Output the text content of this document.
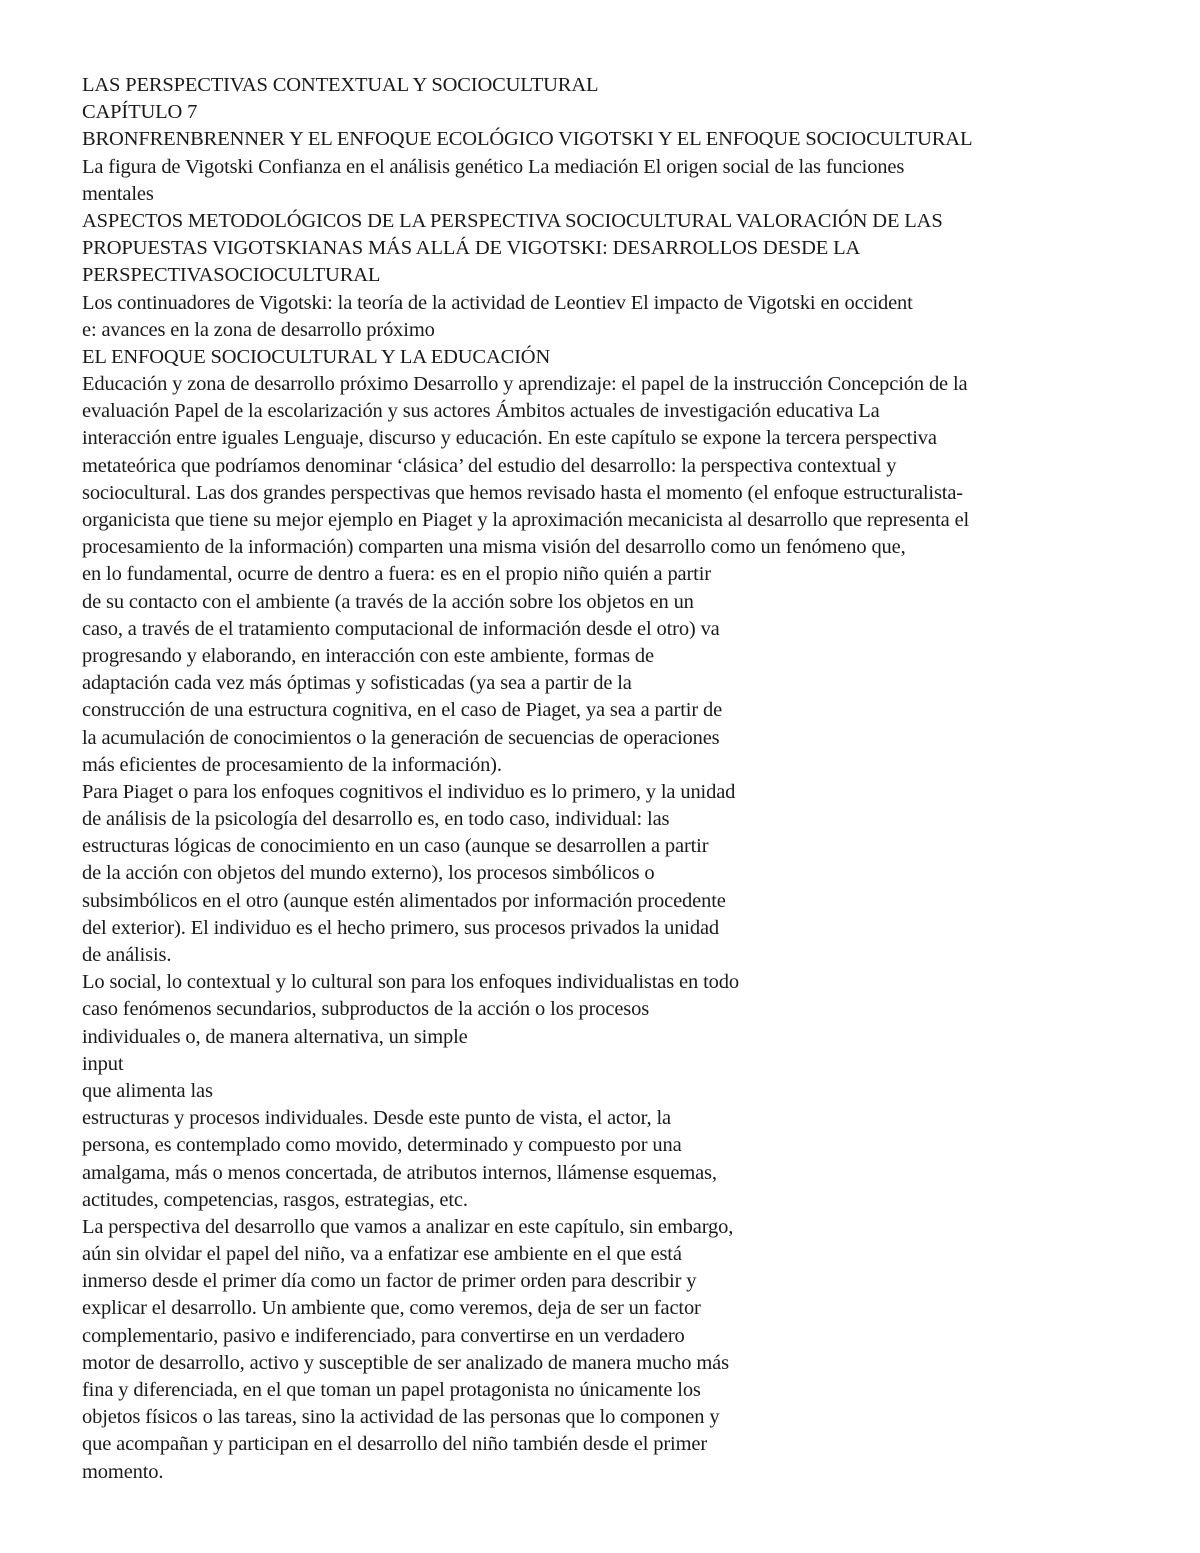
LAS PERSPECTIVAS CONTEXTUAL Y SOCIOCULTURAL
CAPÍTULO 7
BRONFRENBRENNER Y EL ENFOQUE ECOLÓGICO VIGOTSKI Y EL ENFOQUE SOCIOCULTURAL
La figura de Vigotski Confianza en el análisis genético La mediación El origen social de las funciones
mentales
ASPECTOS METODOLÓGICOS DE LA PERSPECTIVA SOCIOCULTURAL VALORACIÓN DE LAS
PROPUESTAS VIGOTSKIANAS MÁS ALLÁ DE VIGOTSKI: DESARROLLOS DESDE LA
PERSPECTIVASOCIOCULTURAL
Los continuadores de Vigotski: la teoría de la actividad de Leontiev El impacto de Vigotski en occident
e: avances en la zona de desarrollo próximo
EL ENFOQUE SOCIOCULTURAL Y LA EDUCACIÓN
Educación y zona de desarrollo próximo Desarrollo y aprendizaje: el papel de la instrucción Concepción de la
evaluación Papel de la escolarización y sus actores Ámbitos actuales de investigación educativa La
interacción entre iguales Lenguaje, discurso y educación. En este capítulo se expone la tercera perspectiva
metateórica que podríamos denominar ‘clásica’ del estudio del desarrollo: la perspectiva contextual y
sociocultural. Las dos grandes perspectivas que hemos revisado hasta el momento (el enfoque estructuralista-
organicista que tiene su mejor ejemplo en Piaget y la aproximación mecanicista al desarrollo que representa el
procesamiento de la información) comparten una misma visión del desarrollo como un fenómeno que,
en lo fundamental, ocurre de dentro a fuera: es en el propio niño quién a partir
de su contacto con el ambiente (a través de la acción sobre los objetos en un
caso, a través de el tratamiento computacional de información desde el otro) va
progresando y elaborando, en interacción con este ambiente, formas de
adaptación cada vez más óptimas y sofisticadas (ya sea a partir de la
construcción de una estructura cognitiva, en el caso de Piaget, ya sea a partir de
la acumulación de conocimientos o la generación de secuencias de operaciones
más eficientes de procesamiento de la información).
Para Piaget o para los enfoques cognitivos el individuo es lo primero, y la unidad
de análisis de la psicología del desarrollo es, en todo caso, individual: las
estructuras lógicas de conocimiento en un caso (aunque se desarrollen a partir
de la acción con objetos del mundo externo), los procesos simbólicos o
subsimbólicos en el otro (aunque estén alimentados por información procedente
del exterior). El individuo es el hecho primero, sus procesos privados la unidad
de análisis.
Lo social, lo contextual y lo cultural son para los enfoques individualistas en todo
caso fenómenos secundarios, subproductos de la acción o los procesos
individuales o, de manera alternativa, un simple
input
que alimenta las
estructuras y procesos individuales. Desde este punto de vista, el actor, la
persona, es contemplado como movido, determinado y compuesto por una
amalgama, más o menos concertada, de atributos internos, llámense esquemas,
actitudes, competencias, rasgos, estrategias, etc.
La perspectiva del desarrollo que vamos a analizar en este capítulo, sin embargo,
aún sin olvidar el papel del niño, va a enfatizar ese ambiente en el que está
inmerso desde el primer día como un factor de primer orden para describir y
explicar el desarrollo. Un ambiente que, como veremos, deja de ser un factor
complementario, pasivo e indiferenciado, para convertirse en un verdadero
motor de desarrollo, activo y susceptible de ser analizado de manera mucho más
fina y diferenciada, en el que toman un papel protagonista no únicamente los
objetos físicos o las tareas, sino la actividad de las personas que lo componen y
que acompañan y participan en el desarrollo del niño también desde el primer
momento.
